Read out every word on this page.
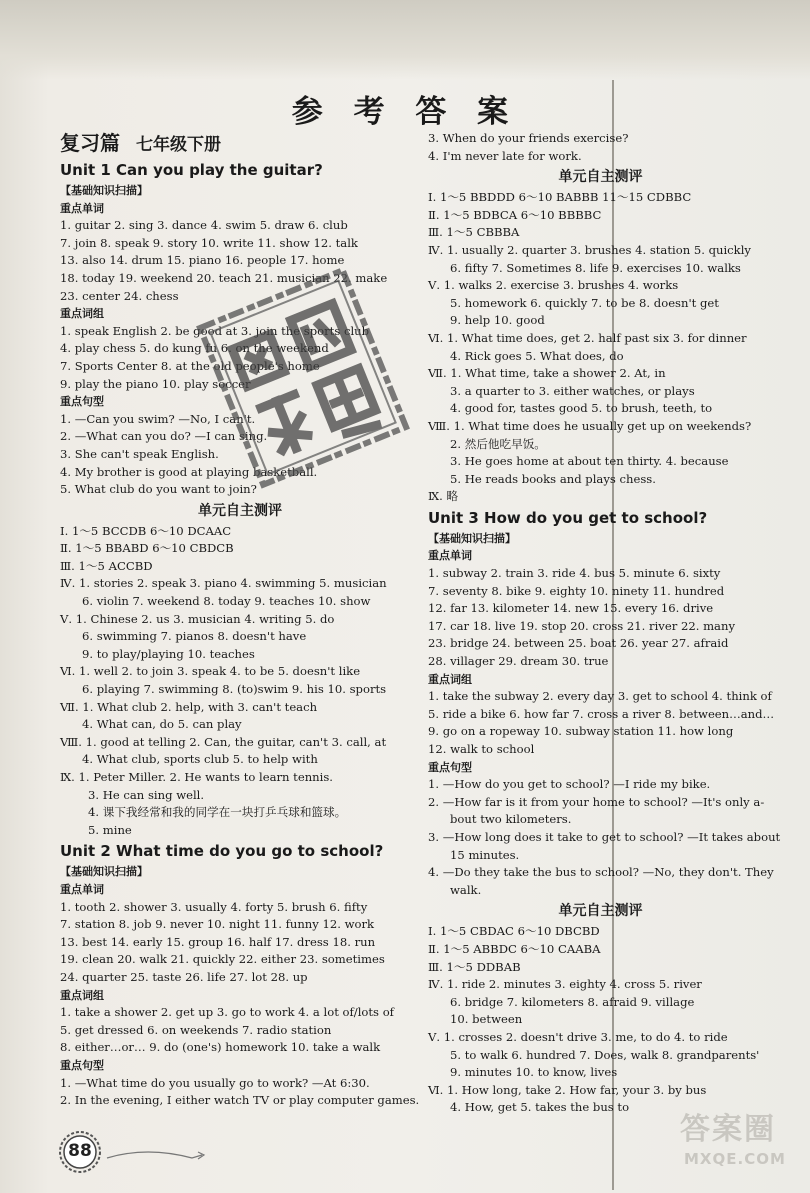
参 考 答 案
复习篇 七年级下册
Unit 1 Can you play the guitar?
【基础知识扫描】
重点单词
1. guitar 2. sing 3. dance 4. swim 5. draw 6. club
7. join 8. speak 9. story 10. write 11. show 12. talk
13. also 14. drum 15. piano 16. people 17. home
18. today 19. weekend 20. teach 21. musician 22. make
23. center 24. chess
重点词组
1. speak English 2. be good at 3. join the sports club
4. play chess 5. do kung fu 6. on the weekend
7. Sports Center 8. at the old people's home
9. play the piano 10. play soccer
重点句型
1. —Can you swim? —No, I can't.
2. —What can you do? —I can sing.
3. She can't speak English.
4. My brother is good at playing basketball.
5. What club do you want to join?
单元自主测评
Ⅰ. 1～5 BCCDB 6～10 DCAAC
Ⅱ. 1～5 BBABD 6～10 CBDCB
Ⅲ. 1～5 ACCBD
Ⅳ. 1. stories 2. speak 3. piano 4. swimming 5. musician
6. violin 7. weekend 8. today 9. teaches 10. show
Ⅴ. 1. Chinese 2. us 3. musician 4. writing 5. do
6. swimming 7. pianos 8. doesn't have
9. to play/playing 10. teaches
Ⅵ. 1. well 2. to join 3. speak 4. to be 5. doesn't like
6. playing 7. swimming 8. (to)swim 9. his 10. sports
Ⅶ. 1. What club 2. help, with 3. can't teach
4. What can, do 5. can play
Ⅷ. 1. good at telling 2. Can, the guitar, can't 3. call, at
4. What club, sports club 5. to help with
Ⅸ. 1. Peter Miller. 2. He wants to learn tennis.
3. He can sing well.
4. 课下我经常和我的同学在一块打乒乓球和篮球。
5. mine
Unit 2 What time do you go to school?
【基础知识扫描】
重点单词
1. tooth 2. shower 3. usually 4. forty 5. brush 6. fifty
7. station 8. job 9. never 10. night 11. funny 12. work
13. best 14. early 15. group 16. half 17. dress 18. run
19. clean 20. walk 21. quickly 22. either 23. sometimes
24. quarter 25. taste 26. life 27. lot 28. up
重点词组
1. take a shower 2. get up 3. go to work 4. a lot of/lots of
5. get dressed 6. on weekends 7. radio station
8. either…or… 9. do (one's) homework 10. take a walk
重点句型
1. —What time do you usually go to work? —At 6:30.
2. In the evening, I either watch TV or play computer games.
3. When do your friends exercise?
4. I'm never late for work.
单元自主测评
Ⅰ. 1～5 BBDDD 6～10 BABBB 11～15 CDBBC
Ⅱ. 1～5 BDBCA 6～10 BBBBC
Ⅲ. 1～5 CBBBA
Ⅳ. 1. usually 2. quarter 3. brushes 4. station 5. quickly
6. fifty 7. Sometimes 8. life 9. exercises 10. walks
Ⅴ. 1. walks 2. exercise 3. brushes 4. works
5. homework 6. quickly 7. to be 8. doesn't get
9. help 10. good
Ⅵ. 1. What time does, get 2. half past six 3. for dinner
4. Rick goes 5. What does, do
Ⅶ. 1. What time, take a shower 2. At, in
3. a quarter to 3. either watches, or plays
4. good for, tastes good 5. to brush, teeth, to
Ⅷ. 1. What time does he usually get up on weekends?
2. 然后他吃早饭。
3. He goes home at about ten thirty. 4. because
5. He reads books and plays chess.
Ⅸ. 略
Unit 3 How do you get to school?
【基础知识扫描】
重点单词
1. subway 2. train 3. ride 4. bus 5. minute 6. sixty
7. seventy 8. bike 9. eighty 10. ninety 11. hundred
12. far 13. kilometer 14. new 15. every 16. drive
17. car 18. live 19. stop 20. cross 21. river 22. many
23. bridge 24. between 25. boat 26. year 27. afraid
28. villager 29. dream 30. true
重点词组
1. take the subway 2. every day 3. get to school 4. think of
5. ride a bike 6. how far 7. cross a river 8. between…and…
9. go on a ropeway 10. subway station 11. how long
12. walk to school
重点句型
1. —How do you get to school? —I ride my bike.
2. —How far is it from your home to school? —It's only a-
bout two kilometers.
3. —How long does it take to get to school? —It takes about
15 minutes.
4. —Do they take the bus to school? —No, they don't. They
walk.
单元自主测评
Ⅰ. 1～5 CBDAC 6～10 DBCBD
Ⅱ. 1～5 ABBDC 6～10 CAABA
Ⅲ. 1～5 DDBAB
Ⅳ. 1. ride 2. minutes 3. eighty 4. cross 5. river
6. bridge 7. kilometers 8. afraid 9. village
10. between
Ⅴ. 1. crosses 2. doesn't drive 3. me, to do 4. to ride
5. to walk 6. hundred 7. Does, walk 8. grandparents'
9. minutes 10. to know, lives
Ⅵ. 1. How long, take 2. How far, your 3. by bus
4. How, get 5. takes the bus to
88
答案圈
MXQE.COM
